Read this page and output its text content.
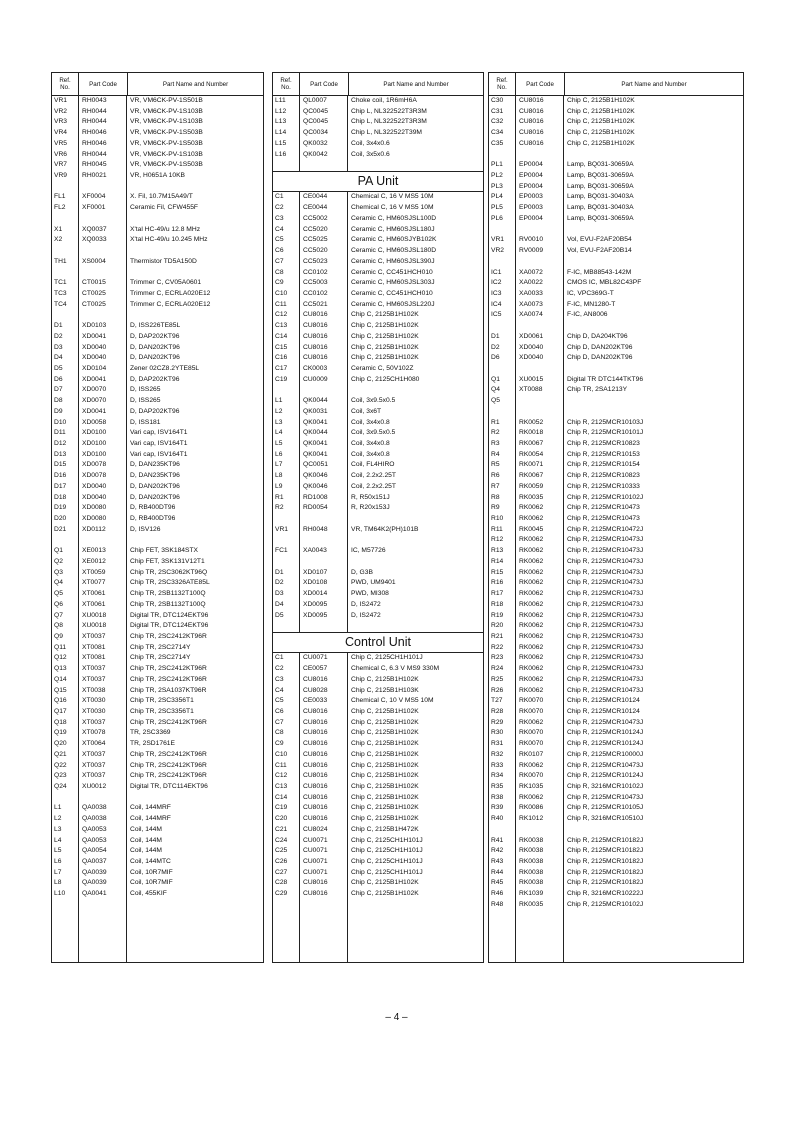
Ref.
No.	Part Code	Part Name and Number
VR1	RH0043	VR, VM6CK-PV-1S501B
VR2	RH0044	VR, VM6CK-PV-1S103B
VR3	RH0044	VR, VM6CK-PV-1S103B
VR4	RH0046	VR, VM6CK-PV-1S503B
VR5	RH0046	VR, VM6CK-PV-1S503B
VR6	RH0044	VR, VM6CK-PV-1S103B
VR7	RH0045	VR, VM6CK-PV-1S503B
VR9	RH0021	VR, H0651A 10KB
FL1	XF0004	X. Fil, 10.7M15A49/T
FL2	XF0001	Ceramic Fil, CFW455F
X1	XQ0037	X'tal HC-49/u 12.8 MHz
X2	XQ0033	X'tal HC-49/u 10.245 MHz
TH1	XS0004	Thermistor TD5A150D
TC1	CT0015	Trimmer C, CV05A0601
TC3	CT0025	Trimmer C, ECRLA020E12
TC4	CT0025	Trimmer C, ECRLA020E12
D1	XD0103	D, ISS226TE85L
D2	XD0041	D, DAP202KT96
D3	XD0040	D, DAN202KT96
D4	XD0040	D, DAN202KT96
D5	XD0104	Zener 02CZ8.2YTE85L
D6	XD0041	D, DAP202KT96
D7	XD0070	D, ISS265
D8	XD0070	D, ISS265
D9	XD0041	D, DAP202KT96
D10	XD0058	D, ISS181
D11	XD0100	Vari cap, ISV164T1
D12	XD0100	Vari cap, ISV164T1
D13	XD0100	Vari cap, ISV164T1
D15	XD0078	D, DAN235KT96
D16	XD0078	D, DAN235KT96
D17	XD0040	D, DAN202KT96
D18	XD0040	D, DAN202KT96
D19	XD0080	D, RB400DT96
D20	XD0080	D, RB400DT96
D21	XD0112	D, ISV126
Q1	XE0013	Chip FET, 3SK184STX
Q2	XE0012	Chip FET, 3SK131V12T1
Q3	XT0059	Chip TR, 2SC3062KT96Q
Q4	XT0077	Chip TR, 2SC3326ATE85L
Q5	XT0061	Chip TR, 2SB1132T100Q
Q6	XT0061	Chip TR, 2SB1132T100Q
Q7	XU0018	Digital TR, DTC124EKT96
Q8	XU0018	Digital TR, DTC124EKT96
Q9	XT0037	Chip TR, 2SC2412KT96R
Q11	XT0081	Chip TR, 2SC2714Y
Q12	XT0081	Chip TR, 2SC2714Y
Q13	XT0037	Chip TR, 2SC2412KT96R
Q14	XT0037	Chip TR, 2SC2412KT96R
Q15	XT0038	Chip TR, 2SA1037KT96R
Q16	XT0030	Chip TR, 2SC3356T1
Q17	XT0030	Chip TR, 2SC3356T1
Q18	XT0037	Chip TR, 2SC2412KT96R
Q19	XT0078	TR, 2SC3369
Q20	XT0064	TR, 2SD1761E
Q21	XT0037	Chip TR, 2SC2412KT96R
Q22	XT0037	Chip TR, 2SC2412KT96R
Q23	XT0037	Chip TR, 2SC2412KT96R
Q24	XU0012	Digital TR, DTC114EKT96
L1	QA0038	Coil, 144MRF
L2	QA0038	Coil, 144MRF
L3	QA0053	Coil, 144M
L4	QA0053	Coil, 144M
L5	QA0054	Coil, 144M
L6	QA0037	Coil, 144MTC
L7	QA0039	Coil, 10R7MIF
L8	QA0039	Coil, 10R7MIF
L10	QA0041	Coil, 455KIF
Ref.
No.	Part Code	Part Name and Number
L11	QL0007	Choke coil, 1R6mH6A
L12	QC0045	Chip L, NL322522T3R3M
L13	QC0045	Chip L, NL322522T3R3M
L14	QC0034	Chip L, NL322522T39M
L15	QK0032	Coil, 3x4x0.6
L16	QK0042	Coil, 3x5x0.6
PA Unit
C1	CE0044	Chemical C, 16 V MS5 10M
C2	CE0044	Chemical C, 16 V MS5 10M
C3	CC5002	Ceramic C, HM60SJSL100D
C4	CC5020	Ceramic C, HM60SJSL180J
C5	CC5025	Ceramic C, HM60SJYB102K
C6	CC5020	Ceramic C, HM60SJSL180D
C7	CC5023	Ceramic C, HM60SJSL390J
C8	CC0102	Ceramic C, CC451HCH010
C9	CC5003	Ceramic C, HM60SJSL303J
C10	CC0102	Ceramic C, CC451HCH010
C11	CC5021	Ceramic C, HM60SJSL220J
C12	CU8016	Chip C, 2125B1H102K
C13	CU8016	Chip C, 2125B1H102K
C14	CU8016	Chip C, 2125B1H102K
C15	CU8016	Chip C, 2125B1H102K
C16	CU8016	Chip C, 2125B1H102K
C17	CK0003	Ceramic C, 50V102Z
C19	CU0009	Chip C, 2125CH1H080
L1	QK0044	Coil, 3x9.5x0.5
L2	QK0031	Coil, 3x6T
L3	QK0041	Coil, 3x4x0.8
L4	QK0044	Coil, 3x9.5x0.5
L5	QK0041	Coil, 3x4x0.8
L6	QK0041	Coil, 3x4x0.8
L7	QC0051	Coil, FL4HIRO
L8	QK0046	Coil, 2.2x2.25T
L9	QK0046	Coil, 2.2x2.25T
R1	RD1008	R, R50x151J
R2	RD0054	R, R20x153J
VR1	RH0048	VR, TM64K2(PH)101B
FC1	XA0043	IC, M57726
D1	XD0107	D, G3B
D2	XD0108	PWD, UM9401
D3	XD0014	PWD, MI308
D4	XD0095	D, IS2472
D5	XD0095	D, IS2472
Control Unit
C1	CU0071	Chip C, 2125CH1H101J
C2	CE0057	Chemical C, 6.3 V MS9 330M
C3	CU8016	Chip C, 2125B1H102K
C4	CU8028	Chip C, 2125B1H103K
C5	CE0033	Chemical C, 10 V MS5 10M
C6	CU8016	Chip C, 2125B1H102K
C7	CU8016	Chip C, 2125B1H102K
C8	CU8016	Chip C, 2125B1H102K
C9	CU8016	Chip C, 2125B1H102K
C10	CU8016	Chip C, 2125B1H102K
C11	CU8016	Chip C, 2125B1H102K
C12	CU8016	Chip C, 2125B1H102K
C13	CU8016	Chip C, 2125B1H102K
C14	CU8016	Chip C, 2125B1H102K
C19	CU8016	Chip C, 2125B1H102K
C20	CU8016	Chip C, 2125B1H102K
C21	CU8024	Chip C, 2125B1H472K
C24	CU0071	Chip C, 2125CH1H101J
C25	CU0071	Chip C, 2125CH1H101J
C26	CU0071	Chip C, 2125CH1H101J
C27	CU0071	Chip C, 2125CH1H101J
C28	CU8016	Chip C, 2125B1H102K
C29	CU8016	Chip C, 2125B1H102K
Ref.
No.	Part Code	Part Name and Number
C30	CU8016	Chip C, 2125B1H102K
C31	CU8016	Chip C, 2125B1H102K
C32	CU8016	Chip C, 2125B1H102K
C34	CU8016	Chip C, 2125B1H102K
C35	CU8016	Chip C, 2125B1H102K
PL1	EP0004	Lamp, BQ031-30659A
PL2	EP0004	Lamp, BQ031-30659A
PL3	EP0004	Lamp, BQ031-30659A
PL4	EP0003	Lamp, BQ031-30403A
PL5	EP0003	Lamp, BQ031-30403A
PL6	EP0004	Lamp, BQ031-30659A
VR1	RV0010	Vol, EVU-F2AF20B54
VR2	RV0009	Vol, EVU-F2AF20B14
IC1	XA0072	F-IC, MB88543-142M
IC2	XA0022	CMOS IC, MBL82C43PF
IC3	XA0033	IC, VPC369G-T
IC4	XA0073	F-IC, MN1280-T
IC5	XA0074	F-IC, AN8006
D1	XD0061	Chip D, DA204KT96
D2	XD0040	Chip D, DAN202KT96
D6	XD0040	Chip D, DAN202KT96
Q1	XU0015	Digital TR DTC144TKT96
Q4	XT0088	Chip TR, 2SA1213Y
Q5
R1	RK0052	Chip R, 2125MCR10103J
R2	RK0018	Chip R, 2125MCR10101J
R3	RK0067	Chip R, 2125MCR10823
R4	RK0054	Chip R, 2125MCR10153
R5	RK0071	Chip R, 2125MCR10154
R6	RK0067	Chip R, 2125MCR10823
R7	RK0059	Chip R, 2125MCR10333
R8	RK0035	Chip R, 2125MCR10102J
R9	RK0062	Chip R, 2125MCR10473
R10	RK0062	Chip R, 2125MCR10473
R11	RK0045	Chip R, 2125MCR10472J
R12	RK0062	Chip R, 2125MCR10473J
R13	RK0062	Chip R, 2125MCR10473J
R14	RK0062	Chip R, 2125MCR10473J
R15	RK0062	Chip R, 2125MCR10473J
R16	RK0062	Chip R, 2125MCR10473J
R17	RK0062	Chip R, 2125MCR10473J
R18	RK0062	Chip R, 2125MCR10473J
R19	RK0062	Chip R, 2125MCR10473J
R20	RK0062	Chip R, 2125MCR10473J
R21	RK0062	Chip R, 2125MCR10473J
R22	RK0062	Chip R, 2125MCR10473J
R23	RK0062	Chip R, 2125MCR10473J
R24	RK0062	Chip R, 2125MCR10473J
R25	RK0062	Chip R, 2125MCR10473J
R26	RK0062	Chip R, 2125MCR10473J
T27	RK0070	Chip R, 2125MCR10124
R28	RK0070	Chip R, 2125MCR10124
R29	RK0062	Chip R, 2125MCR10473J
R30	RK0070	Chip R, 2125MCR10124J
R31	RK0070	Chip R, 2125MCR10124J
R32	RK0107	Chip R, 2125MCR10000J
R33	RK0062	Chip R, 2125MCR10473J
R34	RK0070	Chip R, 2125MCR10124J
R35	RK1035	Chip R, 3216MCR10102J
R38	RK0062	Chip R, 2125MCR10473J
R39	RK0086	Chip R, 2125MCR10105J
R40	RK1012	Chip R, 3216MCR10510J
R41	RK0038	Chip R, 2125MCR10182J
R42	RK0038	Chip R, 2125MCR10182J
R43	RK0038	Chip R, 2125MCR10182J
R44	RK0038	Chip R, 2125MCR10182J
R45	RK0038	Chip R, 2125MCR10182J
R46	RK1039	Chip R, 3216MCR10222J
R48	RK0035	Chip R, 2125MCR10102J
– 4 –
